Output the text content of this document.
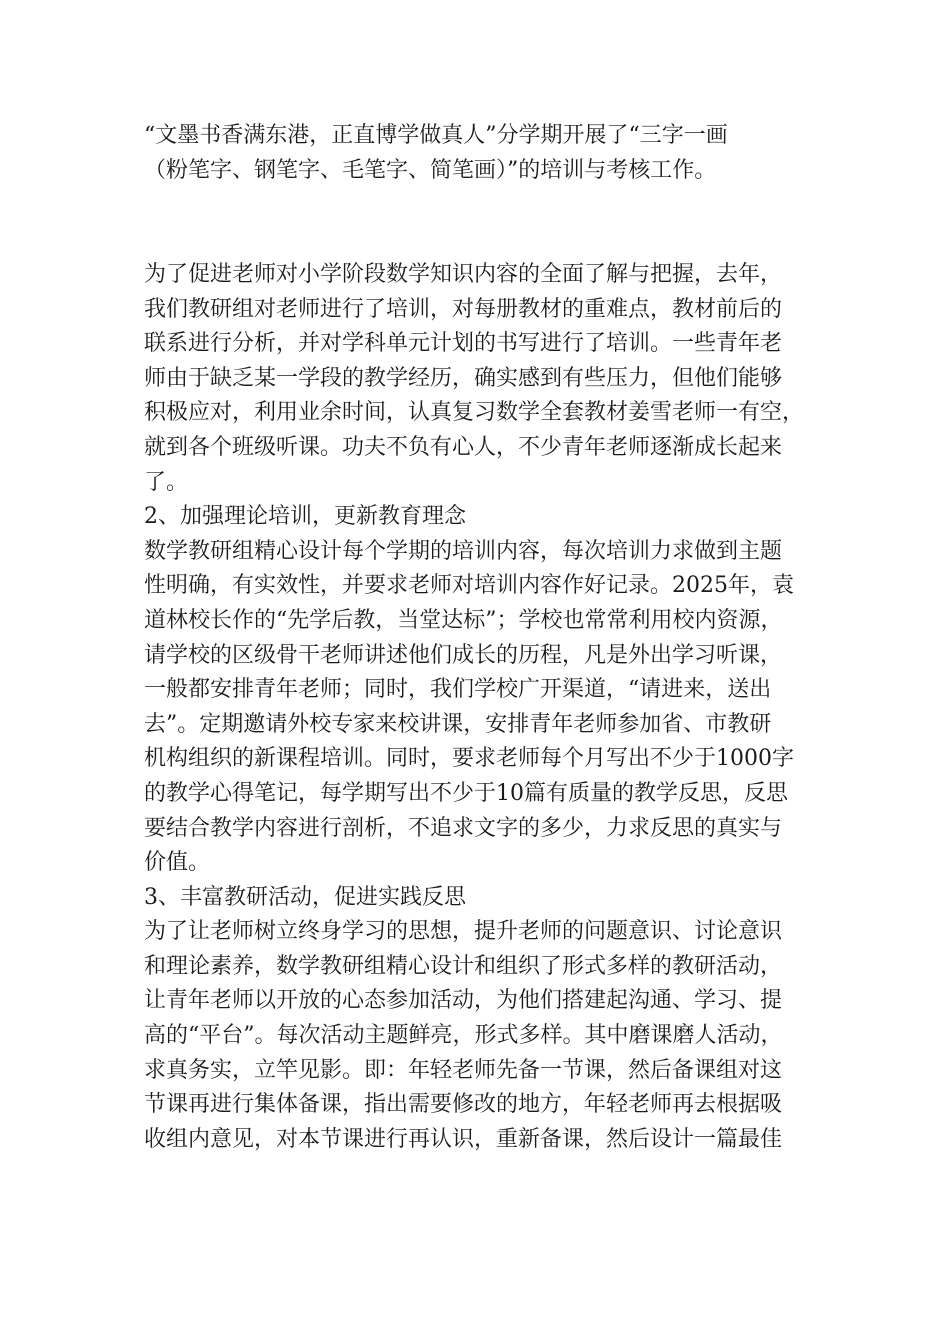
“文墨书香满东港，正直博学做真人”分学期开展了“三字一画
（粉笔字、钢笔字、毛笔字、简笔画）”的培训与考核工作。
为了促进老师对小学阶段数学知识内容的全面了解与把握，去年，
我们教研组对老师进行了培训，对每册教材的重难点，教材前后的
联系进行分析，并对学科单元计划的书写进行了培训。一些青年老
师由于缺乏某一学段的教学经历，确实感到有些压力，但他们能够
积极应对，利用业余时间，认真复习数学全套教材姜雪老师一有空，
就到各个班级听课。功夫不负有心人，不少青年老师逐渐成长起来
了。
2、加强理论培训，更新教育理念
数学教研组精心设计每个学期的培训内容，每次培训力求做到主题
性明确，有实效性，并要求老师对培训内容作好记录。2025年，袁
道林校长作的“先学后教，当堂达标”；学校也常常利用校内资源，
请学校的区级骨干老师讲述他们成长的历程，凡是外出学习听课，
一般都安排青年老师；同时，我们学校广开渠道，“请进来，送出
去”。定期邀请外校专家来校讲课，安排青年老师参加省、市教研
机构组织的新课程培训。同时，要求老师每个月写出不少于1000字
的教学心得笔记，每学期写出不少于10篇有质量的教学反思，反思
要结合教学内容进行剖析，不追求文字的多少，力求反思的真实与
价值。
3、丰富教研活动，促进实践反思
为了让老师树立终身学习的思想，提升老师的问题意识、讨论意识
和理论素养，数学教研组精心设计和组织了形式多样的教研活动，
让青年老师以开放的心态参加活动，为他们搭建起沟通、学习、提
高的“平台”。每次活动主题鲜亮，形式多样。其中磨课磨人活动，
求真务实，立竿见影。即：年轻老师先备一节课，然后备课组对这
节课再进行集体备课，指出需要修改的地方，年轻老师再去根据吸
收组内意见，对本节课进行再认识，重新备课，然后设计一篇最佳
